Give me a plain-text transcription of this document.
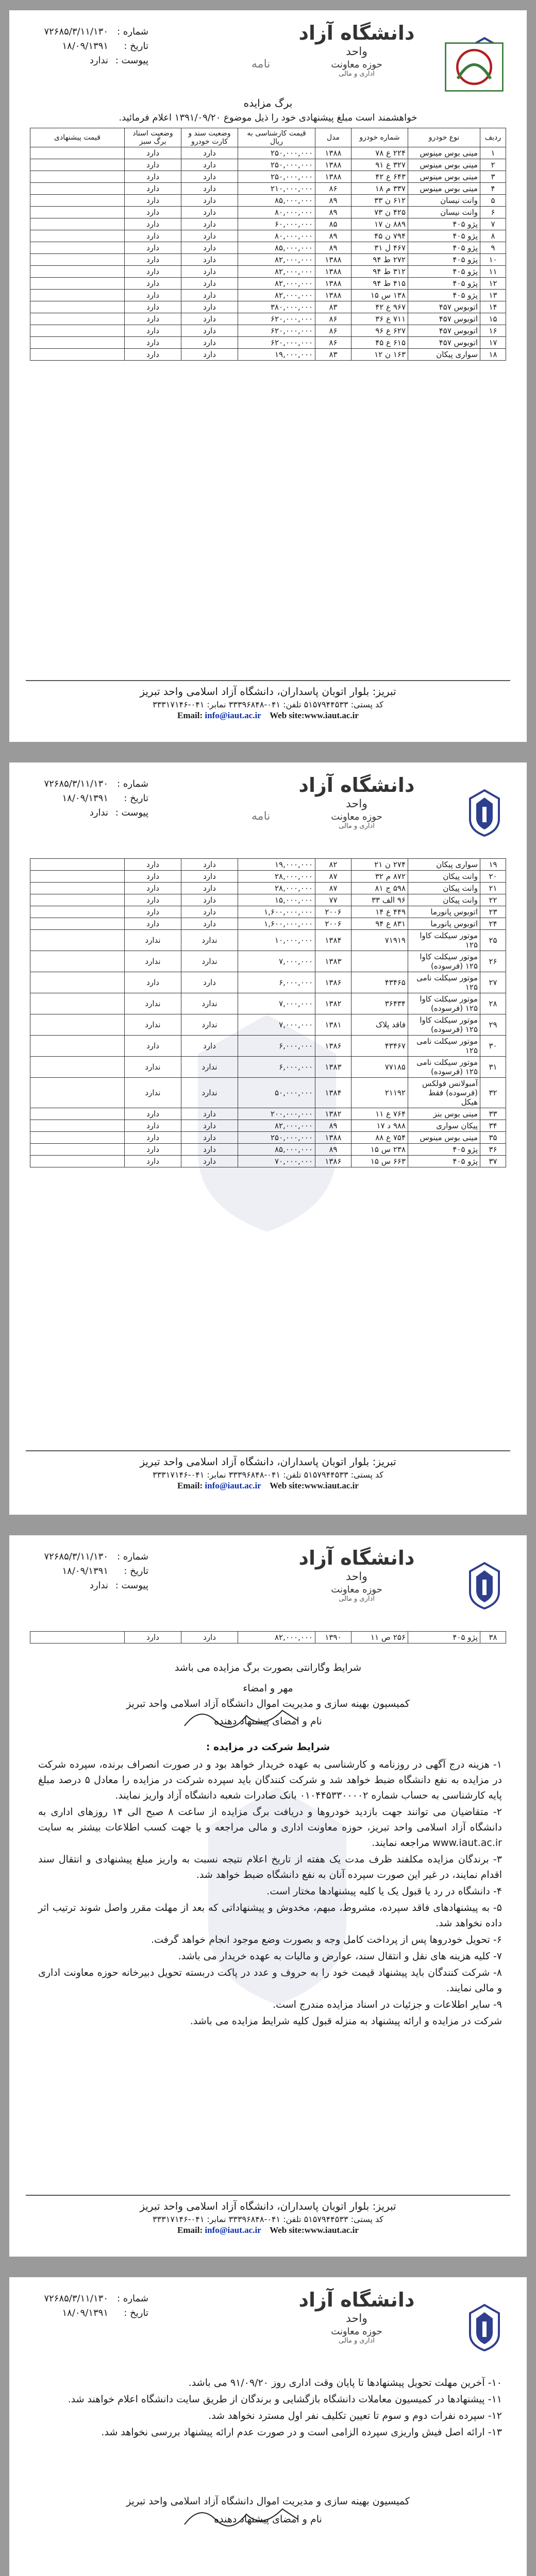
دانشگاه آزاد
واحد
حوزه معاونت
اداری و مالی
نامه
شماره :
۷۲۶۸۵/۳/۱۱/۱۳۰
تاریخ :
۱۸/۰۹/۱۳۹۱
پیوست :
ندارد
برگ مزایده
خواهشمند است مبلغ پیشنهادی خود را ذیل موضوع ۱۳۹۱/۰۹/۲۰ اعلام فرمائید.
ردیف	نوع خودرو	شماره خودرو	مدل	قیمت کارشناسی به ریال	وضعیت سند و کارت خودرو	وضعیت اسناد برگ سبز	قیمت پیشنهادی
۱	مینی بوس مینوس	۲۲۴ ع ۷۸	۱۳۸۸	۲۵۰,۰۰۰,۰۰۰	دارد	دارد	
۲	مینی بوس مینوس	۳۲۷ ع ۹۱	۱۳۸۸	۲۵۰,۰۰۰,۰۰۰	دارد	دارد	
۳	مینی بوس مینوس	۶۴۳ ع ۴۲	۱۳۸۸	۲۵۰,۰۰۰,۰۰۰	دارد	دارد	
۴	مینی بوس مینوس	۳۳۷ م ۱۸	۸۶	۲۱۰,۰۰۰,۰۰۰	دارد	دارد	
۵	وانت نیسان	۶۱۲ ن ۳۳	۸۹	۸۵,۰۰۰,۰۰۰	دارد	دارد	
۶	وانت نیسان	۴۲۵ ن ۷۳	۸۹	۸۰,۰۰۰,۰۰۰	دارد	دارد	
۷	پژو ۴۰۵	۸۸۹ ن ۱۷	۸۵	۶۰,۰۰۰,۰۰۰	دارد	دارد	
۸	پژو ۴۰۵	۷۹۴ ن ۴۵	۸۹	۸۰,۰۰۰,۰۰۰	دارد	دارد	
۹	پژو ۴۰۵	۴۶۷ ل ۳۱	۸۹	۸۵,۰۰۰,۰۰۰	دارد	دارد	
۱۰	پژو ۴۰۵	۲۷۲ ط ۹۴	۱۳۸۸	۸۲,۰۰۰,۰۰۰	دارد	دارد	
۱۱	پژو ۴۰۵	۳۱۲ ط ۹۴	۱۳۸۸	۸۲,۰۰۰,۰۰۰	دارد	دارد	
۱۲	پژو ۴۰۵	۴۱۵ ط ۹۴	۱۳۸۸	۸۲,۰۰۰,۰۰۰	دارد	دارد	
۱۳	پژو ۴۰۵	۱۳۸ س ۱۵	۱۳۸۸	۸۲,۰۰۰,۰۰۰	دارد	دارد	
۱۴	اتوبوس ۴۵۷	۹۶۷ ع ۴۲	۸۳	۳۸۰,۰۰۰,۰۰۰	دارد	دارد	
۱۵	اتوبوس ۴۵۷	۷۱۱ ع ۳۶	۸۶	۶۲۰,۰۰۰,۰۰۰	دارد	دارد	
۱۶	اتوبوس ۴۵۷	۶۲۷ ع ۹۶	۸۶	۶۲۰,۰۰۰,۰۰۰	دارد	دارد	
۱۷	اتوبوس ۴۵۷	۶۱۵ ع ۴۵	۸۶	۶۲۰,۰۰۰,۰۰۰	دارد	دارد	
۱۸	سواری پیکان	۱۶۳ ن ۱۲	۸۳	۱۹,۰۰۰,۰۰۰	دارد	دارد	
تبریز: بلوار اتوبان پاسداران، دانشگاه آزاد اسلامی واحد تبریز
کد پستی: ۵۱۵۷۹۴۴۵۳۳ تلفن: ۰۴۱-۳۳۳۹۶۸۴۸ نمابر: ۰۴۱-۳۳۳۱۷۱۴۶
Email: info@iaut.ac.ir Web site:www.iaut.ac.ir
دانشگاه آزاد
واحد
حوزه معاونت
اداری و مالی
نامه
شماره :
۷۲۶۸۵/۳/۱۱/۱۳۰
تاریخ :
۱۸/۰۹/۱۳۹۱
پیوست :
ندارد
۱۹	سواری پیکان	۲۷۴ ن ۲۱	۸۲	۱۹,۰۰۰,۰۰۰	دارد	دارد	
۲۰	وانت پیکان	۸۷۲ م ۳۲	۸۷	۲۸,۰۰۰,۰۰۰	دارد	دارد	
۲۱	وانت پیکان	۵۹۸ ج ۸۱	۸۷	۲۸,۰۰۰,۰۰۰	دارد	دارد	
۲۲	وانت پیکان	۹۶ الف ۳۳	۷۷	۱۵,۰۰۰,۰۰۰	دارد	دارد	
۲۳	اتوبوس پانورما	۴۴۹ ع ۱۴	۲۰۰۶	۱,۶۰۰,۰۰۰,۰۰۰	دارد	دارد	
۲۴	اتوبوس پانورما	۸۳۱ ع ۹۴	۲۰۰۶	۱,۶۰۰,۰۰۰,۰۰۰	دارد	دارد	
۲۵	موتور سیکلت کاوا ۱۲۵	۷۱۹۱۹	۱۳۸۴	۱۰,۰۰۰,۰۰۰	ندارد	ندارد	
۲۶	موتور سیکلت کاوا ۱۲۵ (فرسوده)		۱۳۸۳	۷,۰۰۰,۰۰۰	ندارد	ندارد	
۲۷	موتور سیکلت نامی ۱۲۵	۴۳۴۶۵	۱۳۸۶	۶,۰۰۰,۰۰۰	دارد	دارد	
۲۸	موتور سیکلت کاوا ۱۲۵ (فرسوده)	۳۶۴۳۴	۱۳۸۲	۷,۰۰۰,۰۰۰	ندارد	ندارد	
۲۹	موتور سیکلت کاوا ۱۲۵ (فرسوده)	فاقد پلاک	۱۳۸۱	۷,۰۰۰,۰۰۰	ندارد	ندارد	
۳۰	موتور سیکلت نامی ۱۲۵	۴۳۴۶۷	۱۳۸۶	۶,۰۰۰,۰۰۰	دارد	دارد	
۳۱	موتور سیکلت نامی ۱۲۵ (فرسوده)	۷۷۱۸۵	۱۳۸۳	۶,۰۰۰,۰۰۰	ندارد	ندارد	
۳۲	آمبولانس فولکس (فرسوده) فقط هیکل	۲۱۱۹۲	۱۳۸۴	۵۰,۰۰۰,۰۰۰	ندارد	ندارد	
۳۳	مینی بوس بنز	۷۶۴ ع ۱۱	۱۳۸۲	۲۰۰,۰۰۰,۰۰۰	دارد	دارد	
۳۴	پیکان سواری	۹۸۸ د ۱۷	۸۹	۸۲,۰۰۰,۰۰۰	دارد	دارد	
۳۵	مینی بوس مینوس	۷۵۴ ع ۸۸	۱۳۸۸	۲۵۰,۰۰۰,۰۰۰	دارد	دارد	
۳۶	پژو ۴۰۵	۲۳۸ س ۱۵	۸۹	۸۵,۰۰۰,۰۰۰	دارد	دارد	
۳۷	پژو ۴۰۵	۶۶۳ س ۱۵	۱۳۸۶	۷۰,۰۰۰,۰۰۰	دارد	دارد	
تبریز: بلوار اتوبان پاسداران، دانشگاه آزاد اسلامی واحد تبریز
کد پستی: ۵۱۵۷۹۴۴۵۳۳ تلفن: ۰۴۱-۳۳۳۹۶۸۴۸ نمابر: ۰۴۱-۳۳۳۱۷۱۴۶
Email: info@iaut.ac.ir Web site:www.iaut.ac.ir
دانشگاه آزاد
واحد
حوزه معاونت
اداری و مالی
شماره :
۷۲۶۸۵/۳/۱۱/۱۳۰
تاریخ :
۱۸/۰۹/۱۳۹۱
پیوست :
ندارد
۳۸	پژو ۴۰۵	۲۵۶ ص ۱۱	۱۳۹۰	۸۲,۰۰۰,۰۰۰	دارد	دارد	
شرایط وگارانتی بصورت برگ مزایده می باشد
مهر و امضاء
کمیسیون بهینه سازی و مدیریت اموال دانشگاه آزاد اسلامی واحد تبریز
نام و امضای پیشنهاد دهنده
شرایط شرکت در مزایده :

۱- هزینه درج آگهی در روزنامه و کارشناسی به عهده خریدار خواهد بود و در صورت انصراف برنده، سپرده شرکت در مزایده به نفع دانشگاه ضبط خواهد شد و شرکت کنندگان باید سپرده شرکت در مزایده را معادل ۵ درصد مبلغ پایه کارشناسی به حساب شماره ۰۱۰۴۴۵۳۳۰۰۰۰۲ بانک صادرات شعبه دانشگاه آزاد واریز نمایند.

۲- متقاضیان می توانند جهت بازدید خودروها و دریافت برگ مزایده از ساعت ۸ صبح الی ۱۴ روزهای اداری به دانشگاه آزاد اسلامی واحد تبریز، حوزه معاونت اداری و مالی مراجعه و یا جهت کسب اطلاعات بیشتر به سایت www.iaut.ac.ir مراجعه نمایند.

۳- برندگان مزایده مکلفند ظرف مدت یک هفته از تاریخ اعلام نتیجه نسبت به واریز مبلغ پیشنهادی و انتقال سند اقدام نمایند، در غیر این صورت سپرده آنان به نفع دانشگاه ضبط خواهد شد.

۴- دانشگاه در رد یا قبول یک یا کلیه پیشنهادها مختار است.

۵- به پیشنهادهای فاقد سپرده، مشروط، مبهم، مخدوش و پیشنهاداتی که بعد از مهلت مقرر واصل شوند ترتیب اثر داده نخواهد شد.

۶- تحویل خودروها پس از پرداخت کامل وجه و بصورت وضع موجود انجام خواهد گرفت.

۷- کلیه هزینه های نقل و انتقال سند، عوارض و مالیات به عهده خریدار می باشد.

۸- شرکت کنندگان باید پیشنهاد قیمت خود را به حروف و عدد در پاکت دربسته تحویل دبیرخانه حوزه معاونت اداری و مالی نمایند.

۹- سایر اطلاعات و جزئیات در اسناد مزایده مندرج است.

شرکت در مزایده و ارائه پیشنهاد به منزله قبول کلیه شرایط مزایده می باشد.

تبریز: بلوار اتوبان پاسداران، دانشگاه آزاد اسلامی واحد تبریز
کد پستی: ۵۱۵۷۹۴۴۵۳۳ تلفن: ۰۴۱-۳۳۳۹۶۸۴۸ نمابر: ۰۴۱-۳۳۳۱۷۱۴۶
Email: info@iaut.ac.ir Web site:www.iaut.ac.ir
دانشگاه آزاد
واحد
حوزه معاونت
اداری و مالی
شماره :
۷۲۶۸۵/۳/۱۱/۱۳۰
تاریخ :
۱۸/۰۹/۱۳۹۱

۱۰- آخرین مهلت تحویل پیشنهادها تا پایان وقت اداری روز ۹۱/۰۹/۲۰ می باشد.

۱۱- پیشنهادها در کمیسیون معاملات دانشگاه بازگشایی و برندگان از طریق سایت دانشگاه اعلام خواهند شد.

۱۲- سپرده نفرات دوم و سوم تا تعیین تکلیف نفر اول مسترد نخواهد شد.

۱۳- ارائه اصل فیش واریزی سپرده الزامی است و در صورت عدم ارائه پیشنهاد بررسی نخواهد شد.

کمیسیون بهینه سازی و مدیریت اموال دانشگاه آزاد اسلامی واحد تبریز
نام و امضای پیشنهاد دهنده
